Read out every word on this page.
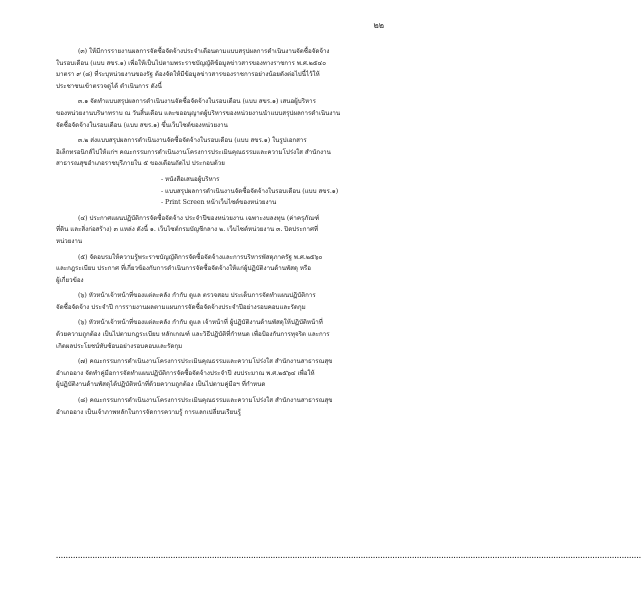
๒๒
(๓) ให้มีการรายงานผลการจัดซื้อจัดจ้างประจำเดือนตามแบบสรุปผลการดำเนินงานจัดซื้อจัดจ้าง
ในรอบเดือน (แบบ สขร.๑) เพื่อให้เป็นไปตามพระราชบัญญัติข้อมูลข่าวสารของทางราชการ พ.ศ.๒๕๔๐
มาตรา ๙ (๘) ที่ระบุหน่วยงานของรัฐ ต้องจัดให้มีข้อมูลข่าวสารของราชการอย่างน้อยดังต่อไปนี้ไว้ให้
ประชาชนเข้าตรวจดูได้ ดำเนินการ ดังนี้
๓.๑ จัดทำแบบสรุปผลการดำเนินงานจัดซื้อจัดจ้างในรอบเดือน (แบบ สขร.๑) เสนอผู้บริหาร
ของหน่วยงานบริษาทราบ ณ วันสิ้นเดือน และขออนุญาตผู้บริหารของหน่วยงานนำแบบสรุปผลการดำเนินงาน
จัดซื้อจัดจ้างในรอบเดือน (แบบ สขร.๑) ขึ้นเว็บไซต์ของหน่วยงาน
๓.๒ ส่งแบบสรุปผลการดำเนินงานจัดซื้อจัดจ้างในรอบเดือน (แบบ สขร.๑) ในรูปเอกสาร
อิเล็กทรอนิกส์ไปให้แก่ฯ คณะกรรมการดำเนินงานโครงการประเมินคุณธรรมและความโปร่งใส สำนักงาน
สาธารณสุขอำเภอราชบุรีภายใน ๕ ของเดือนถัดไป ประกอบด้วย
- หนังสือเสนอผู้บริหาร
- แบบสรุปผลการดำเนินงานจัดซื้อจัดจ้างในรอบเดือน (แบบ สขร.๑)
- Print Screen หน้าเว็บไซต์ของหน่วยงาน
(๔) ประกาศแผนปฏิบัติการจัดซื้อจัดจ้าง ประจำปีของหน่วยงาน เฉพาะงบลงทุน (ค่าครุภัณฑ์
ที่ดิน และสิ่งก่อสร้าง) ๓ แหล่ง ดังนี้ ๑. เว็บไซต์กรมบัญชีกลาง ๒. เว็บไซต์หน่วยงาน ๓. ปิดประกาศที่
หน่วยงาน
(๕) จัดอบรมให้ความรู้พระราชบัญญัติการจัดซื้อจัดจ้างและการบริหารพัสดุภาครัฐ พ.ศ.๒๕๖๐
และกฎระเบียบ ประกาศ ที่เกี่ยวข้องกับการดำเนินการจัดซื้อจัดจ้างให้แก่ผู้ปฏิบัติงานด้านพัสดุ หรือ
ผู้เกี่ยวข้อง
(๖) หัวหน้าเจ้าหน้าที่ของแต่ละคลัง กำกับ ดูแล ตรวจสอบ ประเด็นการจัดทำแผนปฏิบัติการ
จัดซื้อจัดจ้าง ประจำปี การรายงานผลตามแผนการจัดซื้อจัดจ้างประจำปีอย่างรอบคอบและรัดกุม
(๖) หัวหน้าเจ้าหน้าที่ของแต่ละคลัง กำกับ ดูแล เจ้าหน้าที่ ผู้ปฏิบัติงานด้านพัสดุให้ปฏิบัติหน้าที่
ด้วยความถูกต้อง เป็นไปตามกฎระเบียบ หลักเกณฑ์ และวิธีปฏิบัติที่กำหนด เพื่อป้องกันการทุจริต และการ
เกิดผลประโยชน์ทับซ้อนอย่างรอบคอบและรัดกุม
(๗) คณะกรรมการดำเนินงานโครงการประเมินคุณธรรมและความโปร่งใส สำนักงานสาธารณสุข
อำเภออาง จัดทำคู่มือการจัดทำแผนปฏิบัติการจัดซื้อจัดจ้างประจำปี งบประมาณ พ.ศ.๒๕๖๔ เพื่อให้
ผู้ปฏิบัติงานด้านพัสดุได้ปฏิบัติหน้าที่ด้วยความถูกต้อง เป็นไปตามคู่มือฯ ที่กำหนด
(๘) คณะกรรมการดำเนินงานโครงการประเมินคุณธรรมและความโปร่งใส สำนักงานสาธารณสุข
อำเภออาง เป็นเจ้าภาพหลักในการจัดการความรู้ การแลกเปลี่ยนเรียนรู้
................................................................................................................................................................................................................................................
